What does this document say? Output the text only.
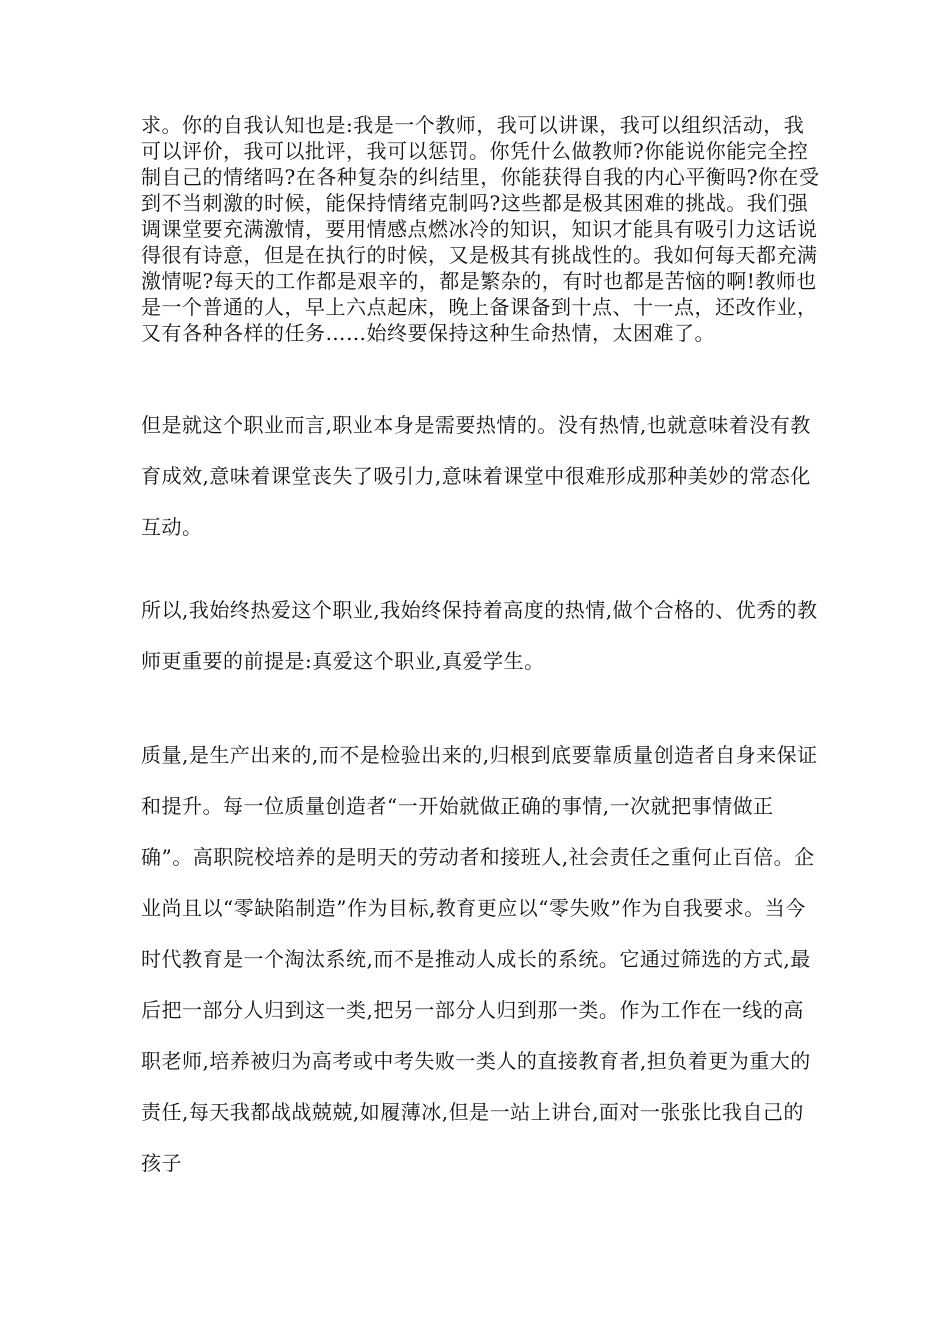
求。你的自我认知也是:我是一个教师，我可以讲课，我可以组织活动，我可以评价，我可以批评，我可以惩罚。你凭什么做教师?你能说你能完全控制自己的情绪吗?在各种复杂的纠结里，你能获得自我的内心平衡吗?你在受到不当刺激的时候，能保持情绪克制吗?这些都是极其困难的挑战。我们强调课堂要充满激情，要用情感点燃冰冷的知识，知识才能具有吸引力这话说得很有诗意，但是在执行的时候，又是极其有挑战性的。我如何每天都充满激情呢?每天的工作都是艰辛的，都是繁杂的，有时也都是苦恼的啊!教师也是一个普通的人，早上六点起床，晚上备课备到十点、十一点，还改作业，又有各种各样的任务……始终要保持这种生命热情，太困难了。

但是就这个职业而言,职业本身是需要热情的。没有热情,也就意味着没有教育成效,意味着课堂丧失了吸引力,意味着课堂中很难形成那种美妙的常态化互动。

所以,我始终热爱这个职业,我始终保持着高度的热情,做个合格的、优秀的教师更重要的前提是:真爱这个职业,真爱学生。

质量,是生产出来的,而不是检验出来的,归根到底要靠质量创造者自身来保证和提升。每一位质量创造者“一开始就做正确的事情,一次就把事情做正确”。高职院校培养的是明天的劳动者和接班人,社会责任之重何止百倍。企业尚且以“零缺陷制造”作为目标,教育更应以“零失败”作为自我要求。当今时代教育是一个淘汰系统,而不是推动人成长的系统。它通过筛选的方式,最后把一部分人归到这一类,把另一部分人归到那一类。作为工作在一线的高职老师,培养被归为高考或中考失败一类人的直接教育者,担负着更为重大的责任,每天我都战战兢兢,如履薄冰,但是一站上讲台,面对一张张比我自己的孩子
